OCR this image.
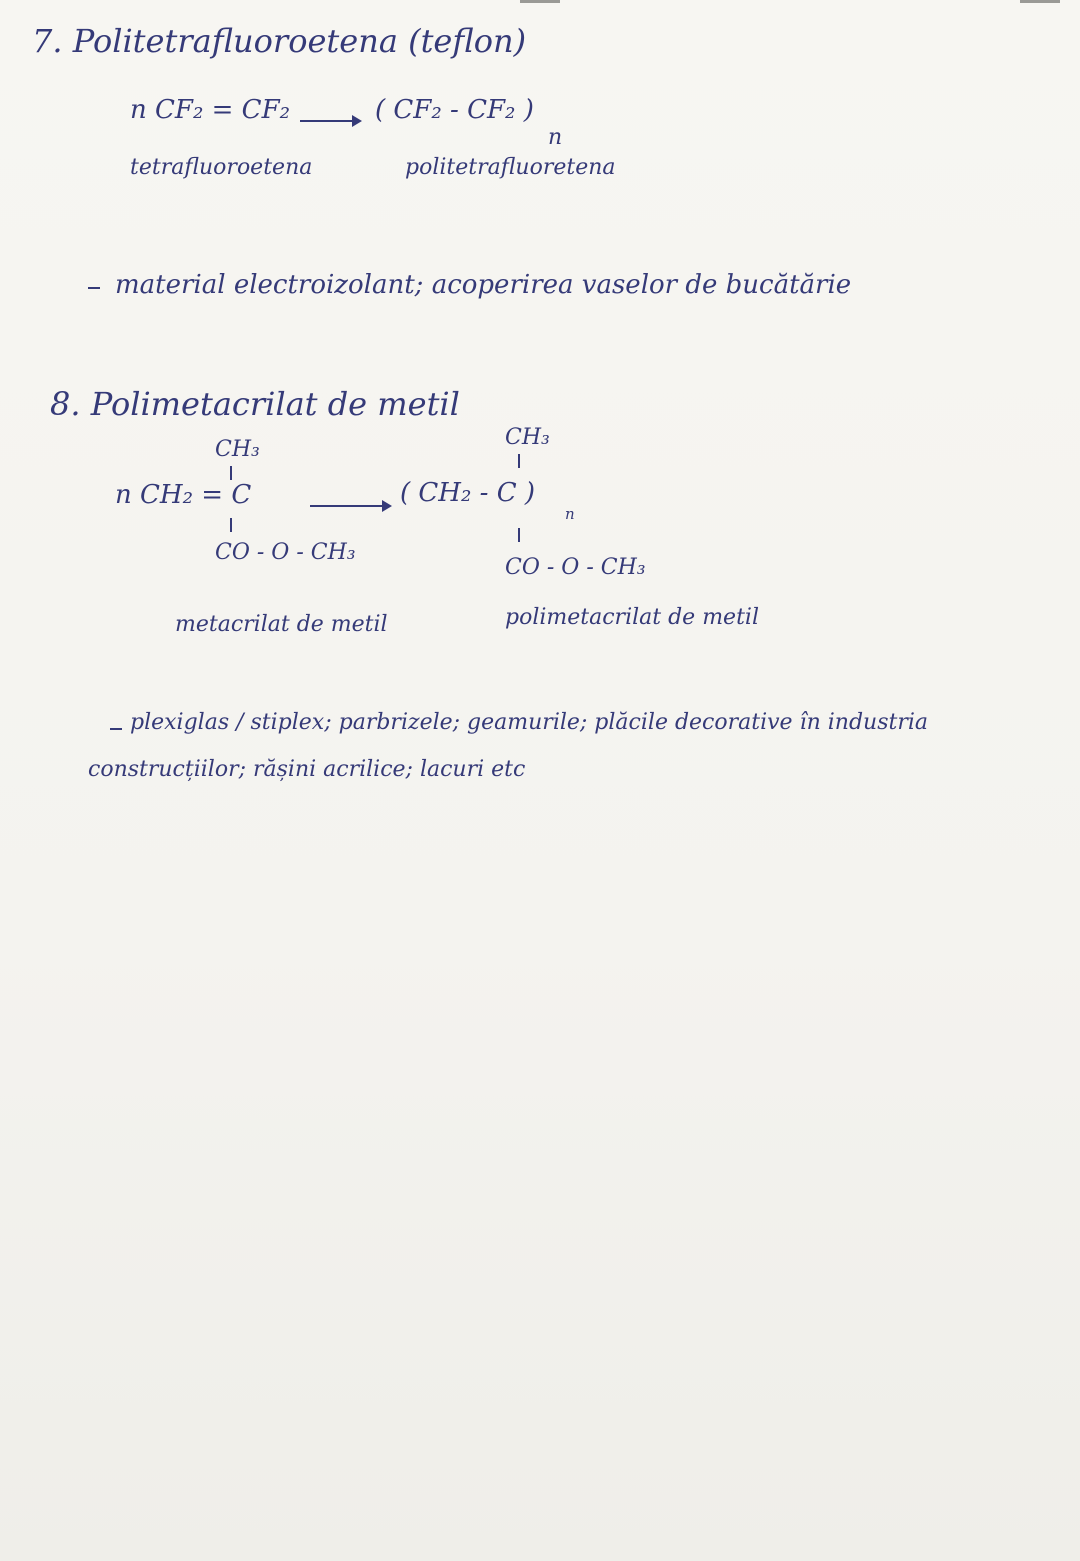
7. Politetrafluoroetena (teflon)
n CF₂ = CF₂ → ( CF₂ - CF₂ )
n
tetrafluoroetena	politetrafluoretena
material electroizolant; acoperirea vaselor de bucătărie
8. Polimetacrilat de metil
CH₃
n CH₂ = C
CO - O - CH₃
CH₃
( CH₂ - C )
n
CO - O - CH₃
metacrilat de metil	polimetacrilat de metil
plexiglas / stiplex; parbrizele; geamurile; plăcile decorative în industria
construcțiilor; rășini acrilice; lacuri etc
